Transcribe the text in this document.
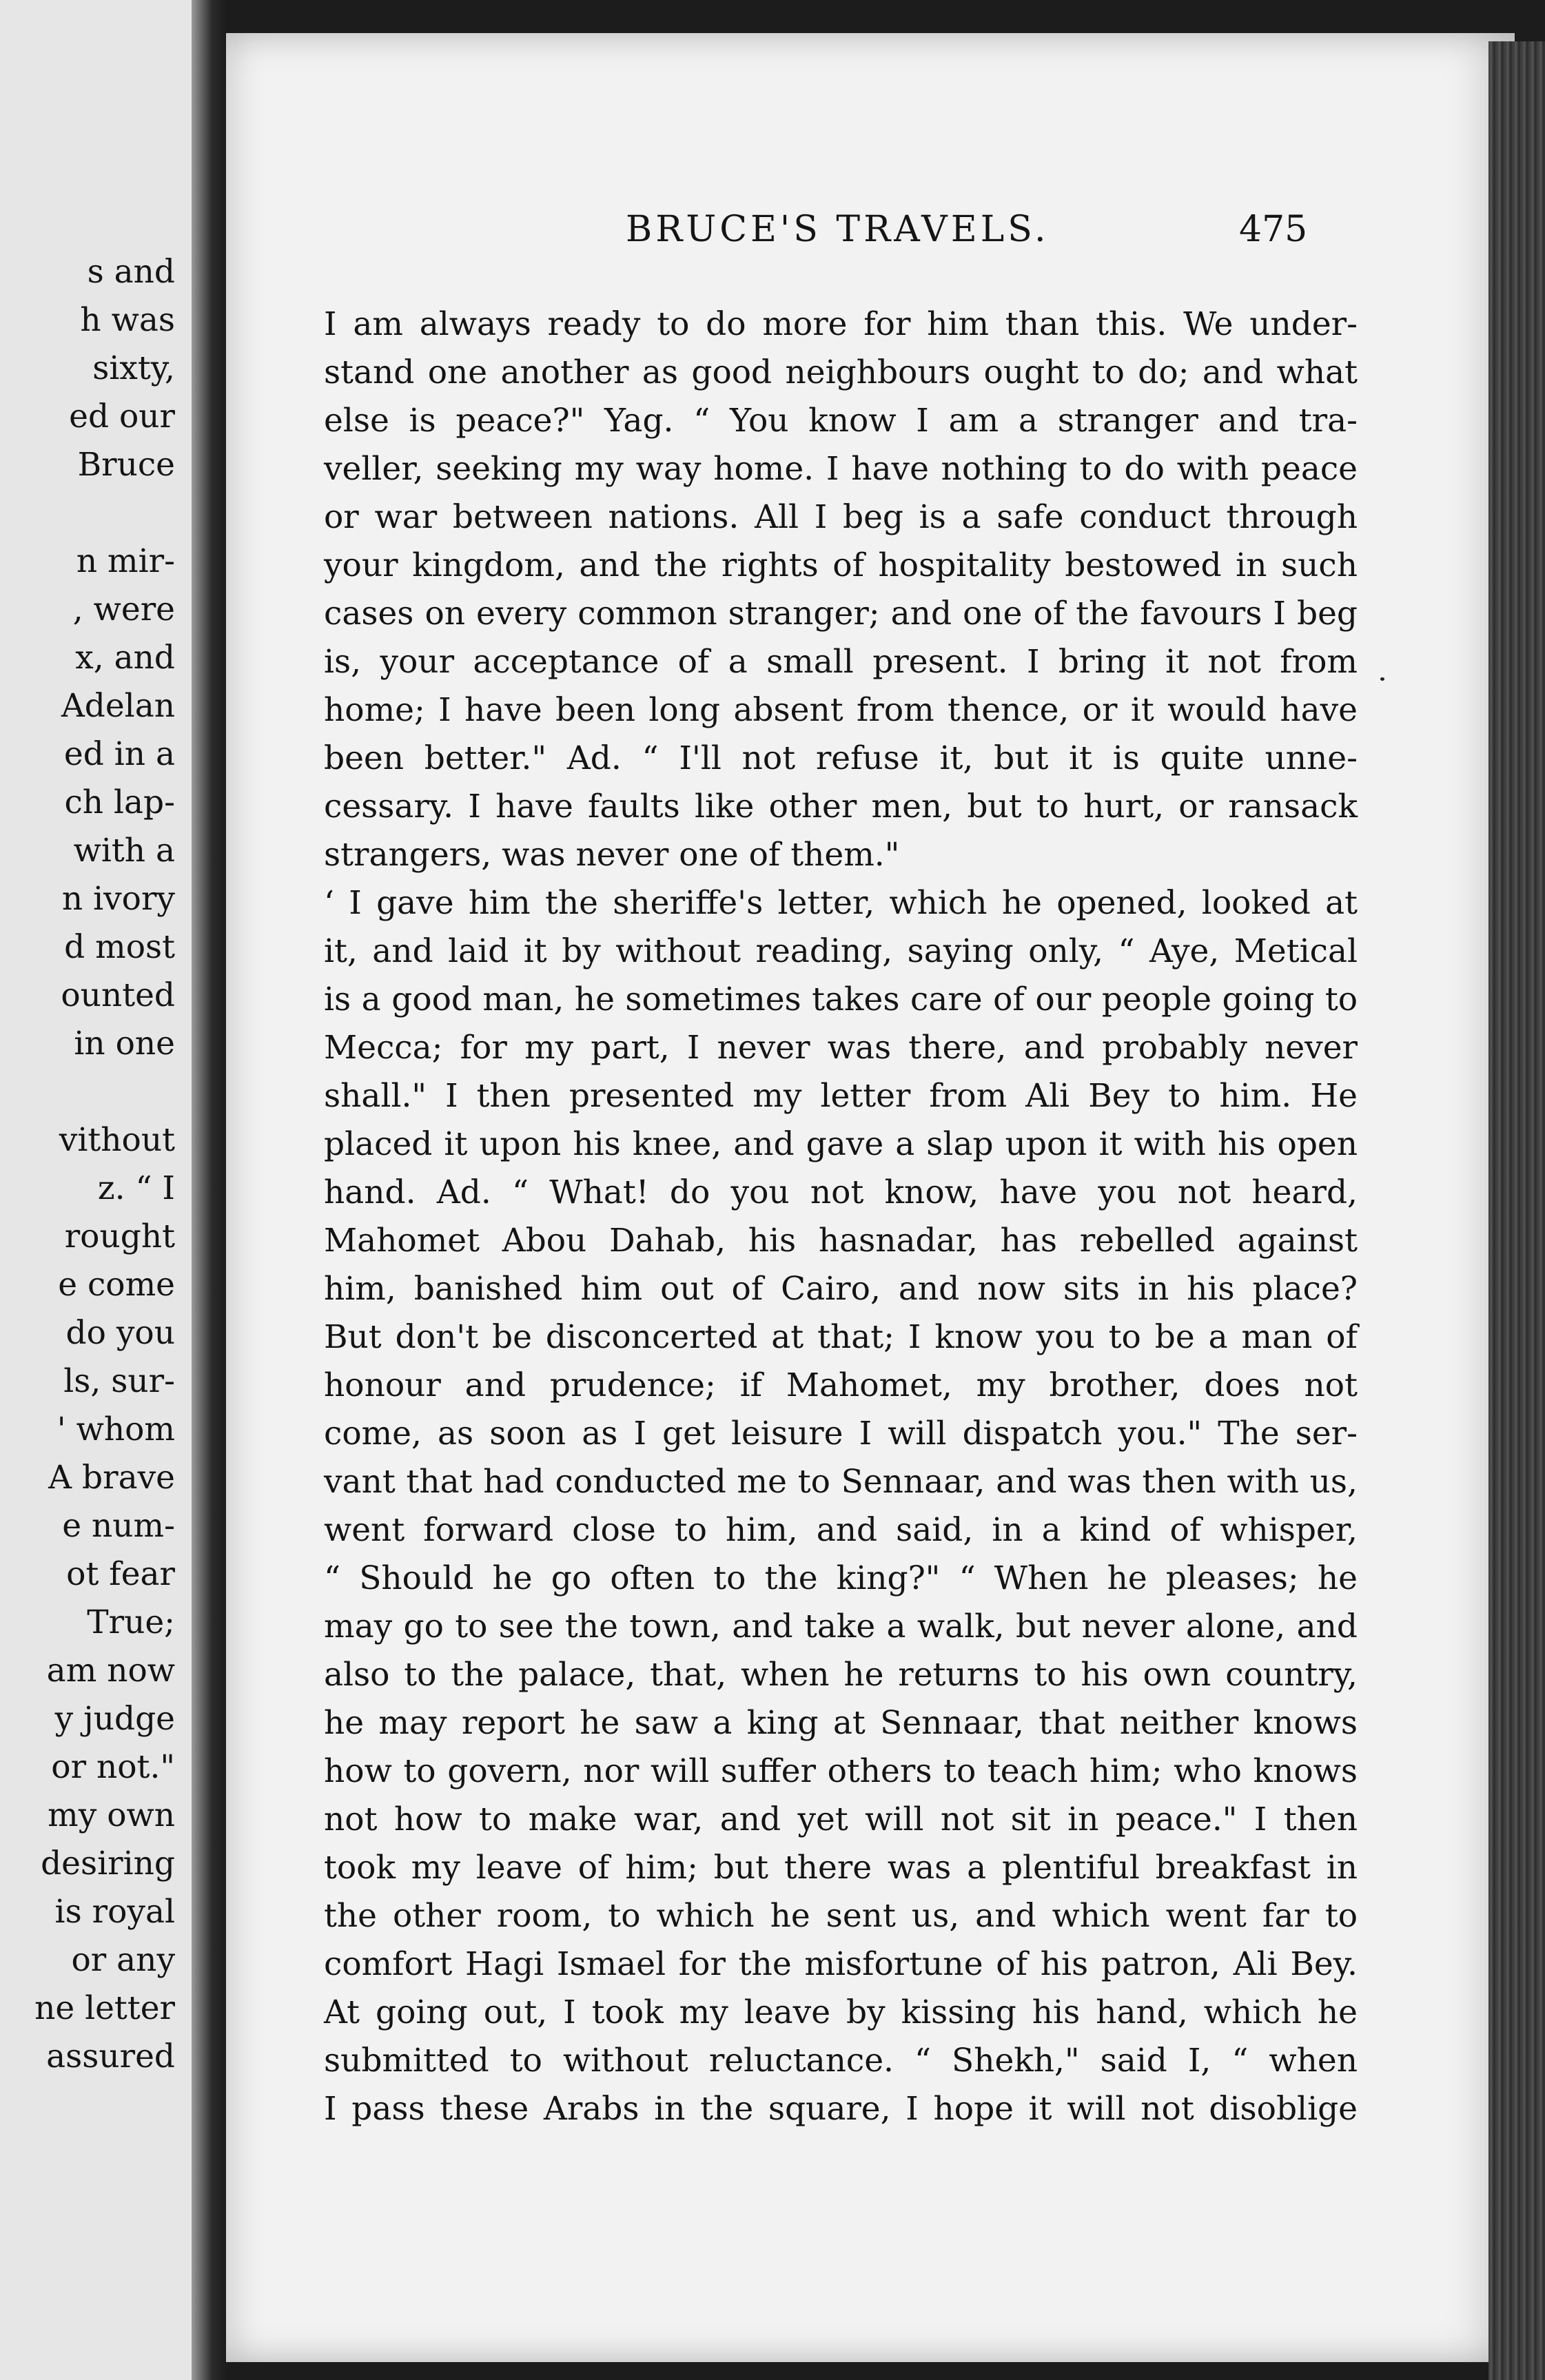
s and
h was
sixty,
ed our
Bruce
n mir-
, were
x, and
Adelan
ed in a
ch lap-
with a
n ivory
d most
ounted
in one
vithout
z. “ I
rought
e come
do you
ls, sur-
' whom
A brave
e num-
ot fear
True;
am now
y judge
or not."
my own
desiring
is royal
or any
ne letter
assured
BRUCE'S TRAVELS.	475
I am always ready to do more for him than this. We under-
stand one another as good neighbours ought to do; and what
else is peace?" Yag. “ You know I am a stranger and tra-
veller, seeking my way home. I have nothing to do with peace
or war between nations. All I beg is a safe conduct through
your kingdom, and the rights of hospitality bestowed in such
cases on every common stranger; and one of the favours I beg
is, your acceptance of a small present. I bring it not from
home; I have been long absent from thence, or it would have
been better." Ad. “ I'll not refuse it, but it is quite unne-
cessary. I have faults like other men, but to hurt, or ransack
strangers, was never one of them."
‘ I gave him the sheriffe's letter, which he opened, looked at
it, and laid it by without reading, saying only, “ Aye, Metical
is a good man, he sometimes takes care of our people going to
Mecca; for my part, I never was there, and probably never
shall." I then presented my letter from Ali Bey to him. He
placed it upon his knee, and gave a slap upon it with his open
hand. Ad. “ What! do you not know, have you not heard,
Mahomet Abou Dahab, his hasnadar, has rebelled against
him, banished him out of Cairo, and now sits in his place?
But don't be disconcerted at that; I know you to be a man of
honour and prudence; if Mahomet, my brother, does not
come, as soon as I get leisure I will dispatch you." The ser-
vant that had conducted me to Sennaar, and was then with us,
went forward close to him, and said, in a kind of whisper,
“ Should he go often to the king?" “ When he pleases; he
may go to see the town, and take a walk, but never alone, and
also to the palace, that, when he returns to his own country,
he may report he saw a king at Sennaar, that neither knows
how to govern, nor will suffer others to teach him; who knows
not how to make war, and yet will not sit in peace." I then
took my leave of him; but there was a plentiful breakfast in
the other room, to which he sent us, and which went far to
comfort Hagi Ismael for the misfortune of his patron, Ali Bey.
At going out, I took my leave by kissing his hand, which he
submitted to without reluctance. “ Shekh," said I, “ when
I pass these Arabs in the square, I hope it will not disoblige
